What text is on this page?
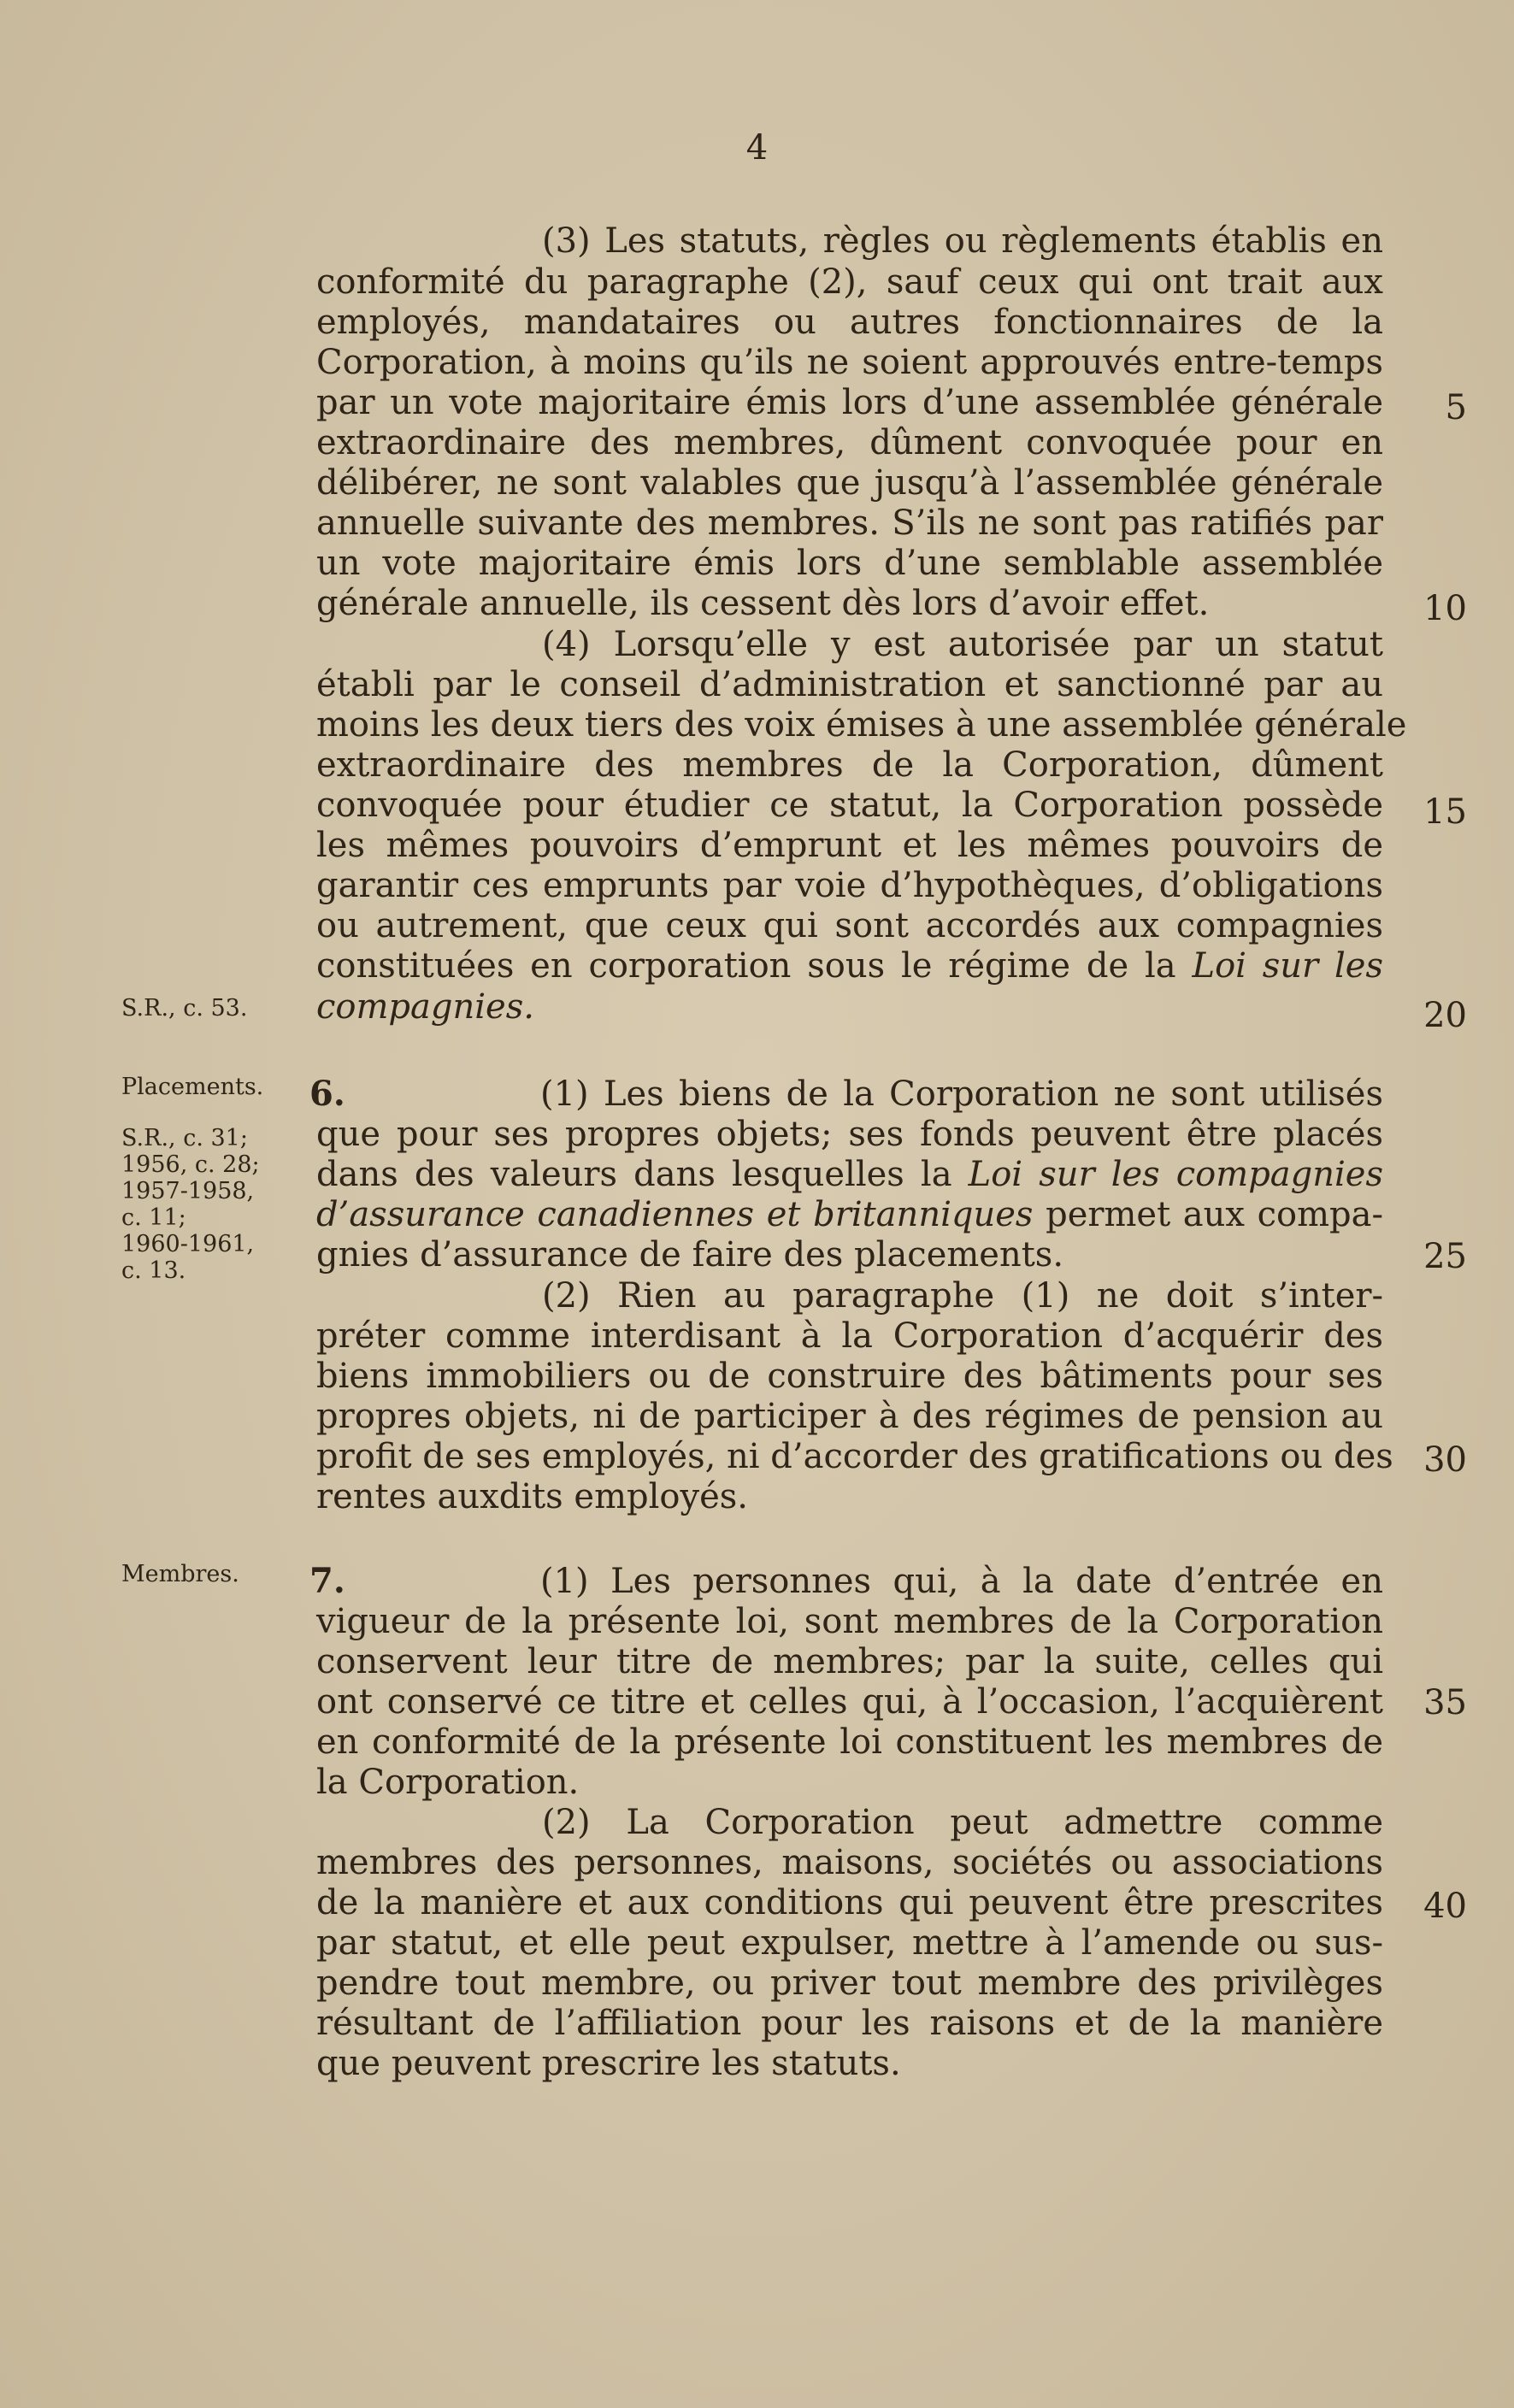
4
S.R., c. 53.
Placements.
S.R., c. 31;
1956, c. 28;
1957-1958,
c. 11;
1960-1961,
c. 13.
Membres.
5
10
15
20
25
30
35
40
(3) Les statuts, règles ou règlements établis en
conformité du paragraphe (2), sauf ceux qui ont trait aux
employés, mandataires ou autres fonctionnaires de la
Corporation, à moins qu’ils ne soient approuvés entre-temps
par un vote majoritaire émis lors d’une assemblée générale
extraordinaire des membres, dûment convoquée pour en
délibérer, ne sont valables que jusqu’à l’assemblée générale
annuelle suivante des membres. S’ils ne sont pas ratifiés par
un vote majoritaire émis lors d’une semblable assemblée
générale annuelle, ils cessent dès lors d’avoir effet.
(4) Lorsqu’elle y est autorisée par un statut
établi par le conseil d’administration et sanctionné par au
moins les deux tiers des voix émises à une assemblée générale
extraordinaire des membres de la Corporation, dûment
convoquée pour étudier ce statut, la Corporation possède
les mêmes pouvoirs d’emprunt et les mêmes pouvoirs de
garantir ces emprunts par voie d’hypothèques, d’obligations
ou autrement, que ceux qui sont accordés aux compagnies
constituées en corporation sous le régime de la Loi sur les
compagnies.
6.	(1) Les biens de la Corporation ne sont utilisés
que pour ses propres objets; ses fonds peuvent être placés
dans des valeurs dans lesquelles la Loi sur les compagnies
d’assurance canadiennes et britanniques permet aux compa-
gnies d’assurance de faire des placements.
(2) Rien au paragraphe (1) ne doit s’inter-
préter comme interdisant à la Corporation d’acquérir des
biens immobiliers ou de construire des bâtiments pour ses
propres objets, ni de participer à des régimes de pension au
profit de ses employés, ni d’accorder des gratifications ou des
rentes auxdits employés.
7.	(1) Les personnes qui, à la date d’entrée en
vigueur de la présente loi, sont membres de la Corporation
conservent leur titre de membres; par la suite, celles qui
ont conservé ce titre et celles qui, à l’occasion, l’acquièrent
en conformité de la présente loi constituent les membres de
la Corporation.
(2) La Corporation peut admettre comme
membres des personnes, maisons, sociétés ou associations
de la manière et aux conditions qui peuvent être prescrites
par statut, et elle peut expulser, mettre à l’amende ou sus-
pendre tout membre, ou priver tout membre des privilèges
résultant de l’affiliation pour les raisons et de la manière
que peuvent prescrire les statuts.
